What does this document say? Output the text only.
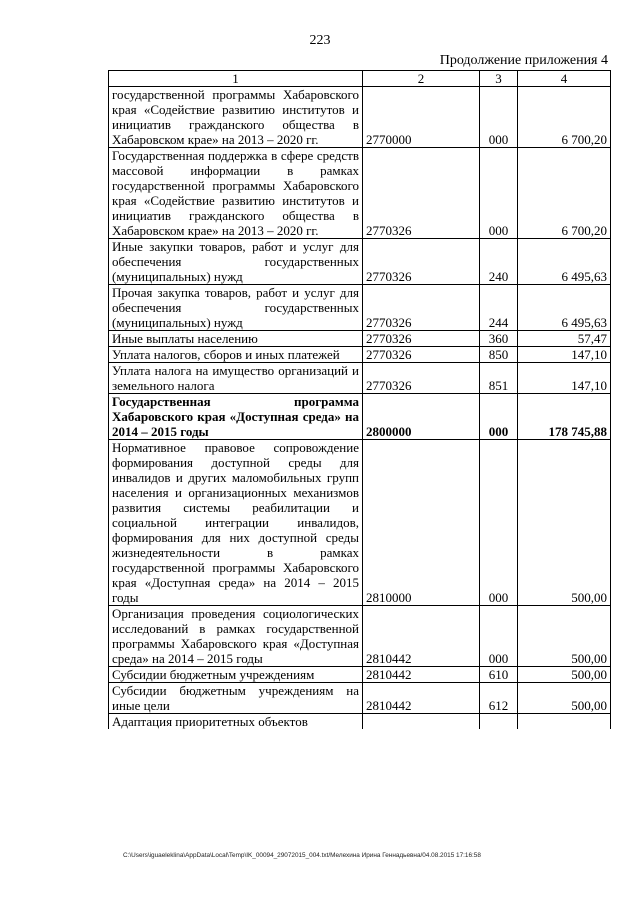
223
Продолжение приложения 4
1	2	3	4
государственной программы Хабаровского края «Содействие развитию институтов и инициатив гражданского общества в Хабаровском крае» на 2013 – 2020 гг.	2770000	000	6 700,20
Государственная поддержка в сфере средств массовой информации в рамках государственной программы Хабаровского края «Содействие развитию институтов и инициатив гражданского общества в Хабаровском крае» на 2013 – 2020 гг.	2770326	000	6 700,20
Иные закупки товаров, работ и услуг для обеспечения государственных (муниципальных) нужд	2770326	240	6 495,63
Прочая закупка товаров, работ и услуг для обеспечения государственных (муниципальных) нужд	2770326	244	6 495,63
Иные выплаты населению	2770326	360	57,47
Уплата налогов, сборов и иных платежей	2770326	850	147,10
Уплата налога на имущество организаций и земельного налога	2770326	851	147,10
Государственная программа Хабаровского края «Доступная среда» на 2014 – 2015 годы	2800000	000	178 745,88
Нормативное правовое сопровождение формирования доступной среды для инвалидов и других маломобильных групп населения и организационных механизмов развития системы реабилитации и социальной интеграции инвалидов, формирования для них доступной среды жизнедеятельности в рамках государственной программы Хабаровского края «Доступная среда» на 2014 – 2015 годы	2810000	000	500,00
Организация проведения социологических исследований в рамках государственной программы Хабаровского края «Доступная среда» на 2014 – 2015 годы	2810442	000	500,00
Субсидии бюджетным учреждениям	2810442	610	500,00
Субсидии бюджетным учреждениям на иные цели	2810442	612	500,00
Адаптация приоритетных объектов			
C:\Users\iguaeleklina\AppData\Local\Temp\IK_00094_29072015_004.txt/Мелехина Ирина Геннадьевна/04.08.2015 17:16:58
